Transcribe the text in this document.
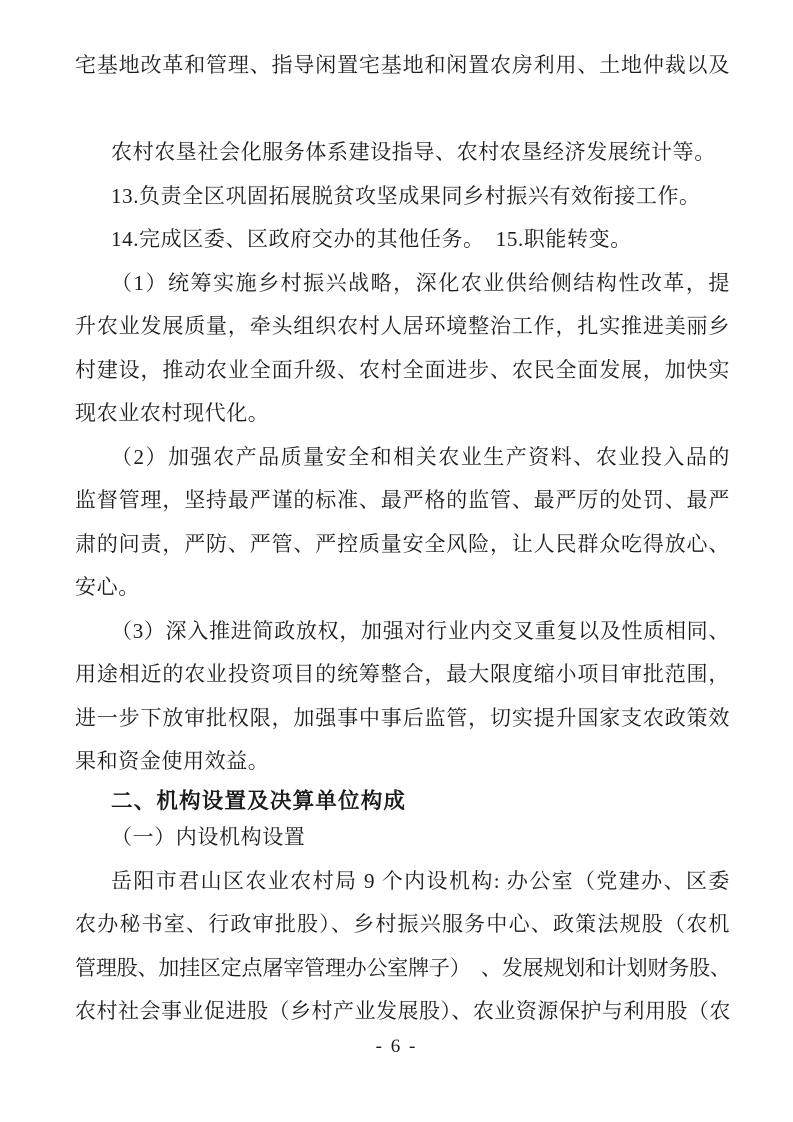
宅基地改革和管理、指导闲置宅基地和闲置农房利用、土地仲裁以及
农村农垦社会化服务体系建设指导、农村农垦经济发展统计等。
13.负责全区巩固拓展脱贫攻坚成果同乡村振兴有效衔接工作。
14.完成区委、区政府交办的其他任务。　15.职能转变。
（1）统筹实施乡村振兴战略，深化农业供给侧结构性改革，提
升农业发展质量，牵头组织农村人居环境整治工作，扎实推进美丽乡
村建设，推动农业全面升级、农村全面进步、农民全面发展，加快实
现农业农村现代化。
（2）加强农产品质量安全和相关农业生产资料、农业投入品的
监督管理，坚持最严谨的标准、最严格的监管、最严厉的处罚、最严
肃的问责，严防、严管、严控质量安全风险，让人民群众吃得放心、
安心。
（3）深入推进简政放权，加强对行业内交叉重复以及性质相同、
用途相近的农业投资项目的统筹整合，最大限度缩小项目审批范围，
进一步下放审批权限，加强事中事后监管，切实提升国家支农政策效
果和资金使用效益。
二、机构设置及决算单位构成
（一）内设机构设置
岳阳市君山区农业农村局 9 个内设机构: 办公室（党建办、区委
农办秘书室、行政审批股）、乡村振兴服务中心、政策法规股（农机
管理股、加挂区定点屠宰管理办公室牌子）　、发展规划和计划财务股、
农村社会事业促进股（乡村产业发展股）、农业资源保护与利用股（农
- 6 -
